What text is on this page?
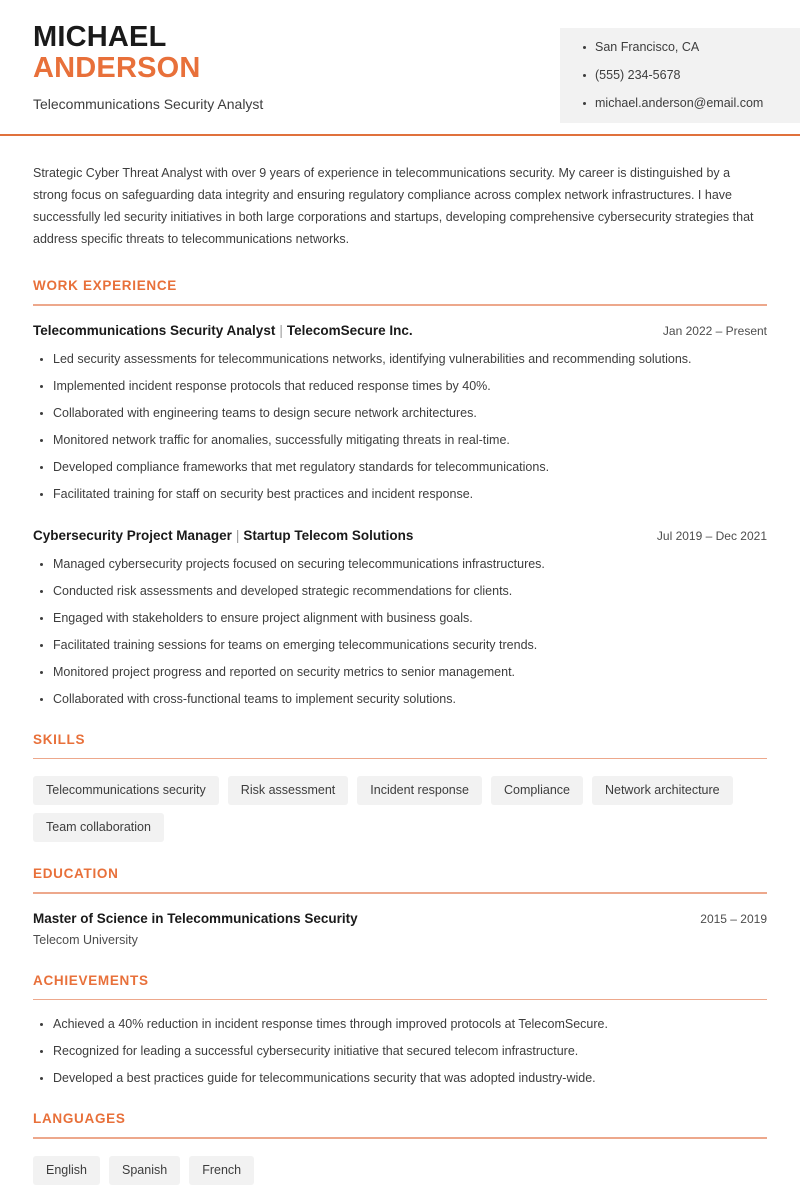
MICHAEL
ANDERSON
Telecommunications Security Analyst
San Francisco, CA
(555) 234-5678
michael.anderson@email.com

Strategic Cyber Threat Analyst with over 9 years of experience in telecommunications security. My career is distinguished by a strong focus on safeguarding data integrity and ensuring regulatory compliance across complex network infrastructures. I have successfully led security initiatives in both large corporations and startups, developing comprehensive cybersecurity strategies that address specific threats to telecommunications networks.

WORK EXPERIENCE
Telecommunications Security Analyst | TelecomSecure Inc.	Jan 2022 – Present
Led security assessments for telecommunications networks, identifying vulnerabilities and recommending solutions.
Implemented incident response protocols that reduced response times by 40%.
Collaborated with engineering teams to design secure network architectures.
Monitored network traffic for anomalies, successfully mitigating threats in real-time.
Developed compliance frameworks that met regulatory standards for telecommunications.
Facilitated training for staff on security best practices and incident response.
Cybersecurity Project Manager | Startup Telecom Solutions	Jul 2019 – Dec 2021
Managed cybersecurity projects focused on securing telecommunications infrastructures.
Conducted risk assessments and developed strategic recommendations for clients.
Engaged with stakeholders to ensure project alignment with business goals.
Facilitated training sessions for teams on emerging telecommunications security trends.
Monitored project progress and reported on security metrics to senior management.
Collaborated with cross-functional teams to implement security solutions.
SKILLS
Telecommunications security	Risk assessment	Incident response	Compliance	Network architecture
Team collaboration
EDUCATION
Master of Science in Telecommunications Security	2015 – 2019
Telecom University
ACHIEVEMENTS
Achieved a 40% reduction in incident response times through improved protocols at TelecomSecure.
Recognized for leading a successful cybersecurity initiative that secured telecom infrastructure.
Developed a best practices guide for telecommunications security that was adopted industry-wide.
LANGUAGES
English	Spanish	French
